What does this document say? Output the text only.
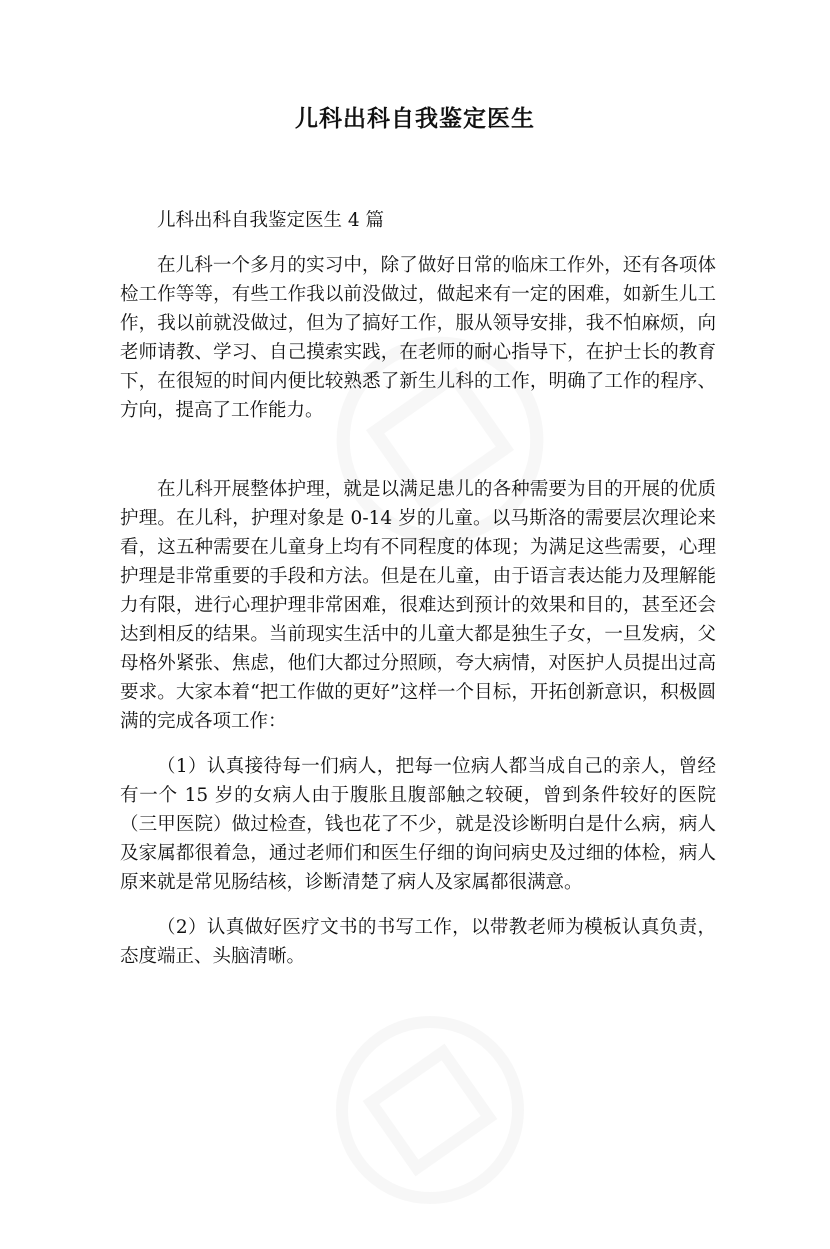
儿科出科自我鉴定医生

儿科出科自我鉴定医生 4 篇

在儿科一个多月的实习中，除了做好日常的临床工作外，还有各项体检工作等等，有些工作我以前没做过，做起来有一定的困难，如新生儿工作，我以前就没做过，但为了搞好工作，服从领导安排，我不怕麻烦，向老师请教、学习、自己摸索实践，在老师的耐心指导下，在护士长的教育下，在很短的时间内便比较熟悉了新生儿科的工作，明确了工作的程序、方向，提高了工作能力。

在儿科开展整体护理，就是以满足患儿的各种需要为目的开展的优质护理。在儿科，护理对象是 0-14 岁的儿童。以马斯洛的需要层次理论来看，这五种需要在儿童身上均有不同程度的体现；为满足这些需要，心理护理是非常重要的手段和方法。但是在儿童，由于语言表达能力及理解能力有限，进行心理护理非常困难，很难达到预计的效果和目的，甚至还会达到相反的结果。当前现实生活中的儿童大都是独生子女，一旦发病，父母格外紧张、焦虑，他们大都过分照顾，夸大病情，对医护人员提出过高要求。大家本着“把工作做的更好”这样一个目标，开拓创新意识，积极圆满的完成各项工作：

（1）认真接待每一们病人，把每一位病人都当成自己的亲人，曾经有一个 15 岁的女病人由于腹胀且腹部触之较硬，曾到条件较好的医院（三甲医院）做过检查，钱也花了不少，就是没诊断明白是什么病，病人及家属都很着急，通过老师们和医生仔细的询问病史及过细的体检，病人原来就是常见肠结核，诊断清楚了病人及家属都很满意。

（2）认真做好医疗文书的书写工作，以带教老师为模板认真负责，态度端正、头脑清晰。
